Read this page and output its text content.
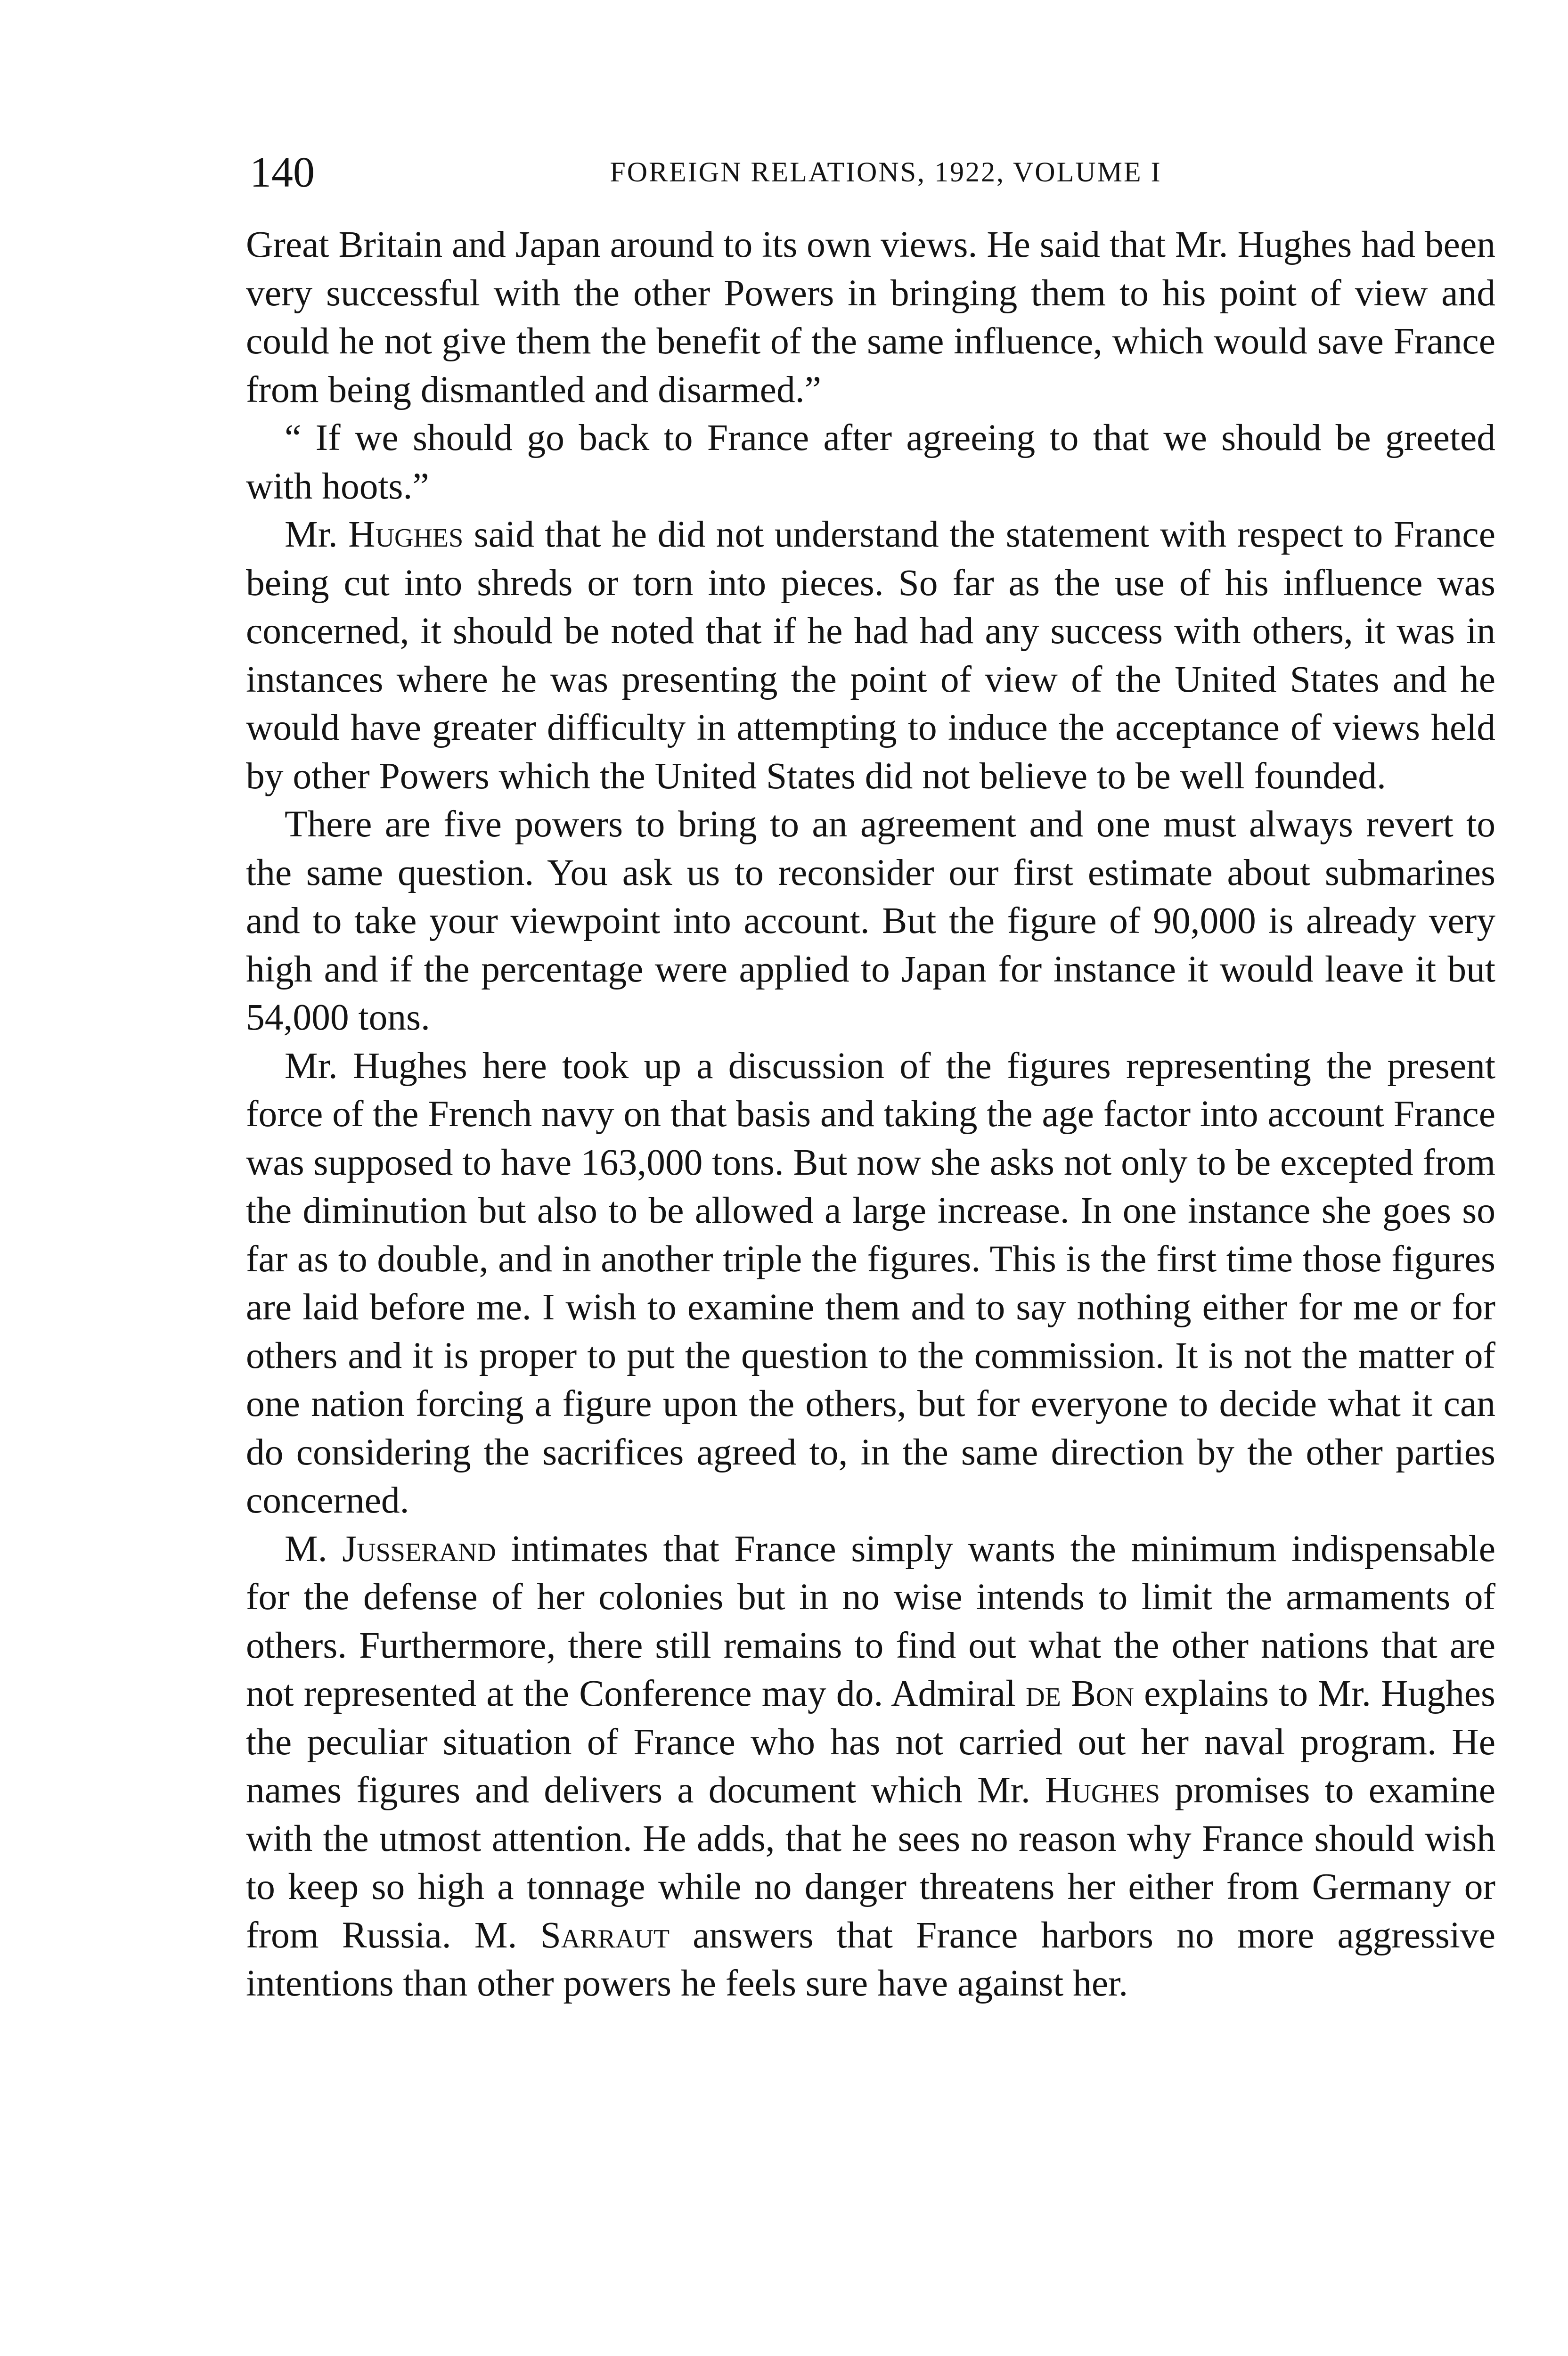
140	FOREIGN RELATIONS, 1922, VOLUME I

Great Britain and Japan around to its own views. He said that Mr. Hughes had been very successful with the other Powers in bringing them to his point of view and could he not give them the benefit of the same influence, which would save France from being dismantled and disarmed.”

“ If we should go back to France after agreeing to that we should be greeted with hoots.”

Mr. Hughes said that he did not understand the statement with respect to France being cut into shreds or torn into pieces. So far as the use of his influence was concerned, it should be noted that if he had had any success with others, it was in instances where he was presenting the point of view of the United States and he would have greater difficulty in attempting to induce the acceptance of views held by other Powers which the United States did not believe to be well founded.

There are five powers to bring to an agreement and one must always revert to the same question. You ask us to reconsider our first estimate about submarines and to take your viewpoint into account. But the figure of 90,000 is already very high and if the percentage were applied to Japan for instance it would leave it but 54,000 tons.

Mr. Hughes here took up a discussion of the figures representing the present force of the French navy on that basis and taking the age factor into account France was supposed to have 163,000 tons. But now she asks not only to be excepted from the diminution but also to be allowed a large increase. In one instance she goes so far as to double, and in another triple the figures. This is the first time those figures are laid before me. I wish to examine them and to say nothing either for me or for others and it is proper to put the question to the commission. It is not the matter of one nation forcing a figure upon the others, but for everyone to decide what it can do considering the sacrifices agreed to, in the same direction by the other parties concerned.

M. Jusserand intimates that France simply wants the minimum indispensable for the defense of her colonies but in no wise intends to limit the armaments of others. Furthermore, there still remains to find out what the other nations that are not represented at the Conference may do. Admiral de Bon explains to Mr. Hughes the peculiar situation of France who has not carried out her naval program. He names figures and delivers a document which Mr. Hughes promises to examine with the utmost attention. He adds, that he sees no reason why France should wish to keep so high a tonnage while no danger threatens her either from Germany or from Russia. M. Sarraut answers that France harbors no more aggressive intentions than other powers he feels sure have against her.
